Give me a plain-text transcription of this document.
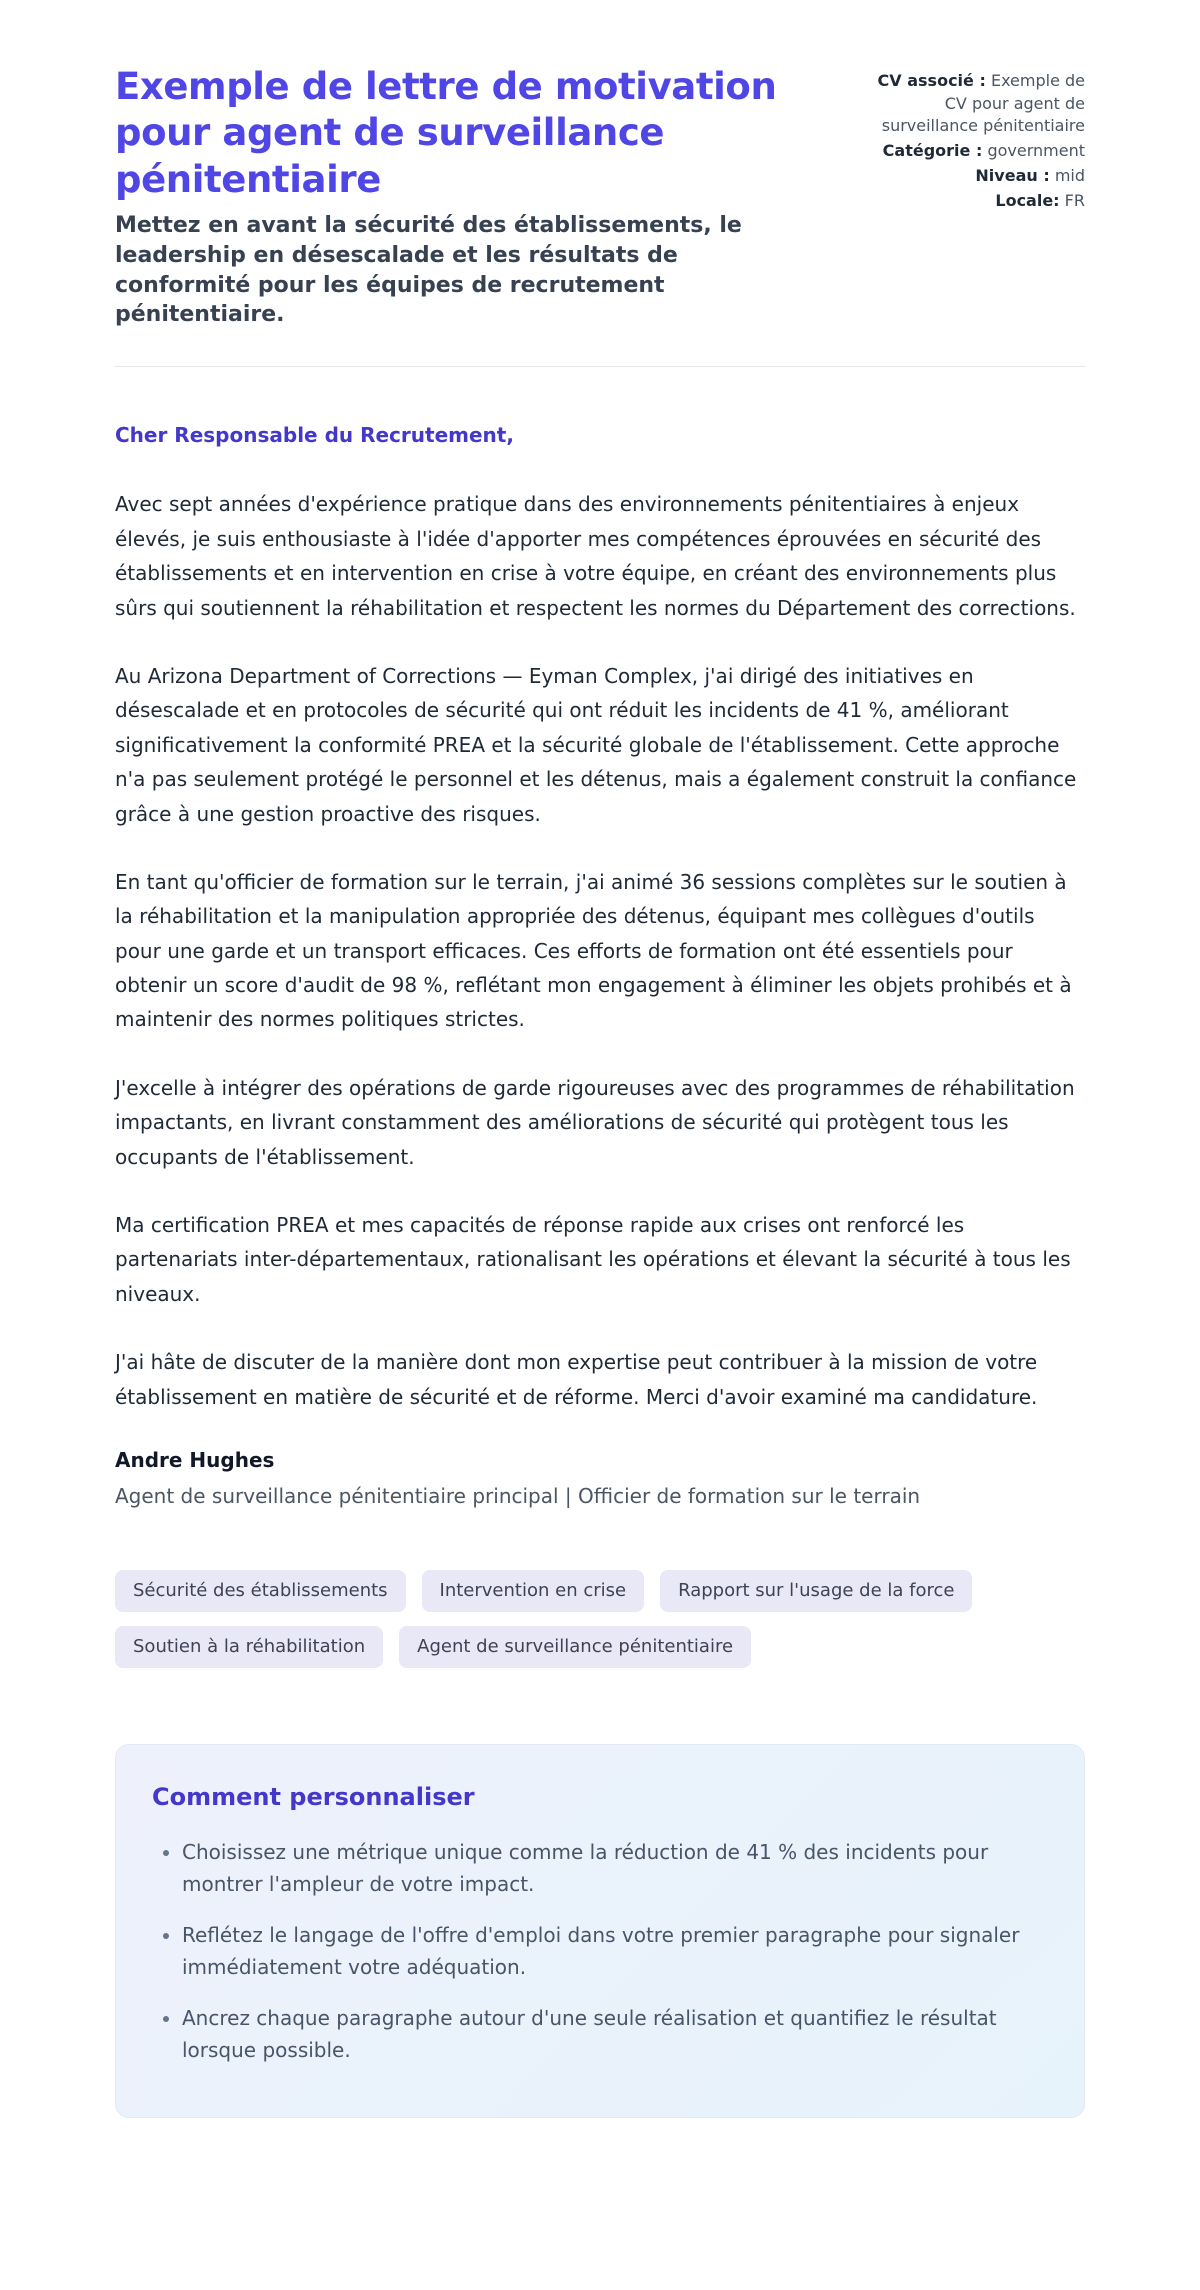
Exemple de lettre de motivation pour agent de surveillance pénitentiaire

Mettez en avant la sécurité des établissements, le leadership en désescalade et les résultats de conformité pour les équipes de recrutement pénitentiaire.

CV associé : Exemple de CV pour agent de surveillance pénitentiaire
Catégorie : government
Niveau : mid
Locale: FR

Cher Responsable du Recrutement,

Avec sept années d'expérience pratique dans des environnements pénitentiaires à enjeux élevés, je suis enthousiaste à l'idée d'apporter mes compétences éprouvées en sécurité des établissements et en intervention en crise à votre équipe, en créant des environnements plus sûrs qui soutiennent la réhabilitation et respectent les normes du Département des corrections.

Au Arizona Department of Corrections — Eyman Complex, j'ai dirigé des initiatives en désescalade et en protocoles de sécurité qui ont réduit les incidents de 41 %, améliorant significativement la conformité PREA et la sécurité globale de l'établissement. Cette approche n'a pas seulement protégé le personnel et les détenus, mais a également construit la confiance grâce à une gestion proactive des risques.

En tant qu'officier de formation sur le terrain, j'ai animé 36 sessions complètes sur le soutien à la réhabilitation et la manipulation appropriée des détenus, équipant mes collègues d'outils pour une garde et un transport efficaces. Ces efforts de formation ont été essentiels pour obtenir un score d'audit de 98 %, reflétant mon engagement à éliminer les objets prohibés et à maintenir des normes politiques strictes.

J'excelle à intégrer des opérations de garde rigoureuses avec des programmes de réhabilitation impactants, en livrant constamment des améliorations de sécurité qui protègent tous les occupants de l'établissement.

Ma certification PREA et mes capacités de réponse rapide aux crises ont renforcé les partenariats inter-départementaux, rationalisant les opérations et élevant la sécurité à tous les niveaux.

J'ai hâte de discuter de la manière dont mon expertise peut contribuer à la mission de votre établissement en matière de sécurité et de réforme. Merci d'avoir examiné ma candidature.

Andre Hughes

Agent de surveillance pénitentiaire principal | Officier de formation sur le terrain

Sécurité des établissements	Intervention en crise	Rapport sur l'usage de la force
Soutien à la réhabilitation	Agent de surveillance pénitentiaire
Comment personnaliser
• Choisissez une métrique unique comme la réduction de 41 % des incidents pour montrer l'ampleur de votre impact.
• Reflétez le langage de l'offre d'emploi dans votre premier paragraphe pour signaler immédiatement votre adéquation.
• Ancrez chaque paragraphe autour d'une seule réalisation et quantifiez le résultat lorsque possible.
